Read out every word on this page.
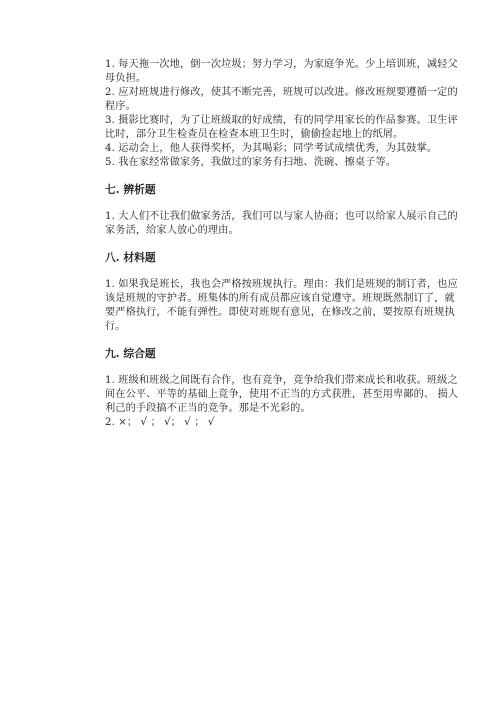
1. 每天拖一次地，倒一次垃圾；努力学习，为家庭争光。少上培训班，减轻父
母负担。
2. 应对班规进行修改，使其不断完善，班规可以改进。修改班规要遵循一定的
程序。
3. 摄影比赛时，为了让班级取的好成绩，有的同学用家长的作品参赛。卫生评
比时，部分卫生检查员在检查本班卫生时，偷偷捡起地上的纸屑。
4. 运动会上，他人获得奖杯，为其喝彩；同学考试成绩优秀，为其鼓掌。
5. 我在家经常做家务，我做过的家务有扫地、洗碗、擦桌子等。
七. 辨析题
1. 大人们不让我们做家务活，我们可以与家人协商；也可以给家人展示自己的
家务活，给家人放心的理由。
八. 材料题
1. 如果我是班长，我也会严格按班规执行。理由：我们是班规的制订者，也应
该是班规的守护者。班集体的所有成员都应该自觉遵守。班规既然制订了，就
要严格执行，不能有弹性。即使对班规有意见，在修改之前，要按原有班规执
行。
九. 综合题
1. 班级和班级之间既有合作，也有竞争，竞争给我们带来成长和收获。班级之
间在公平、平等的基础上竞争，使用不正当的方式获胜，甚至用卑鄙的、 损人
利己的手段搞不正当的竞争。那是不光彩的。
2. ×； √ ； √； √ ； √
